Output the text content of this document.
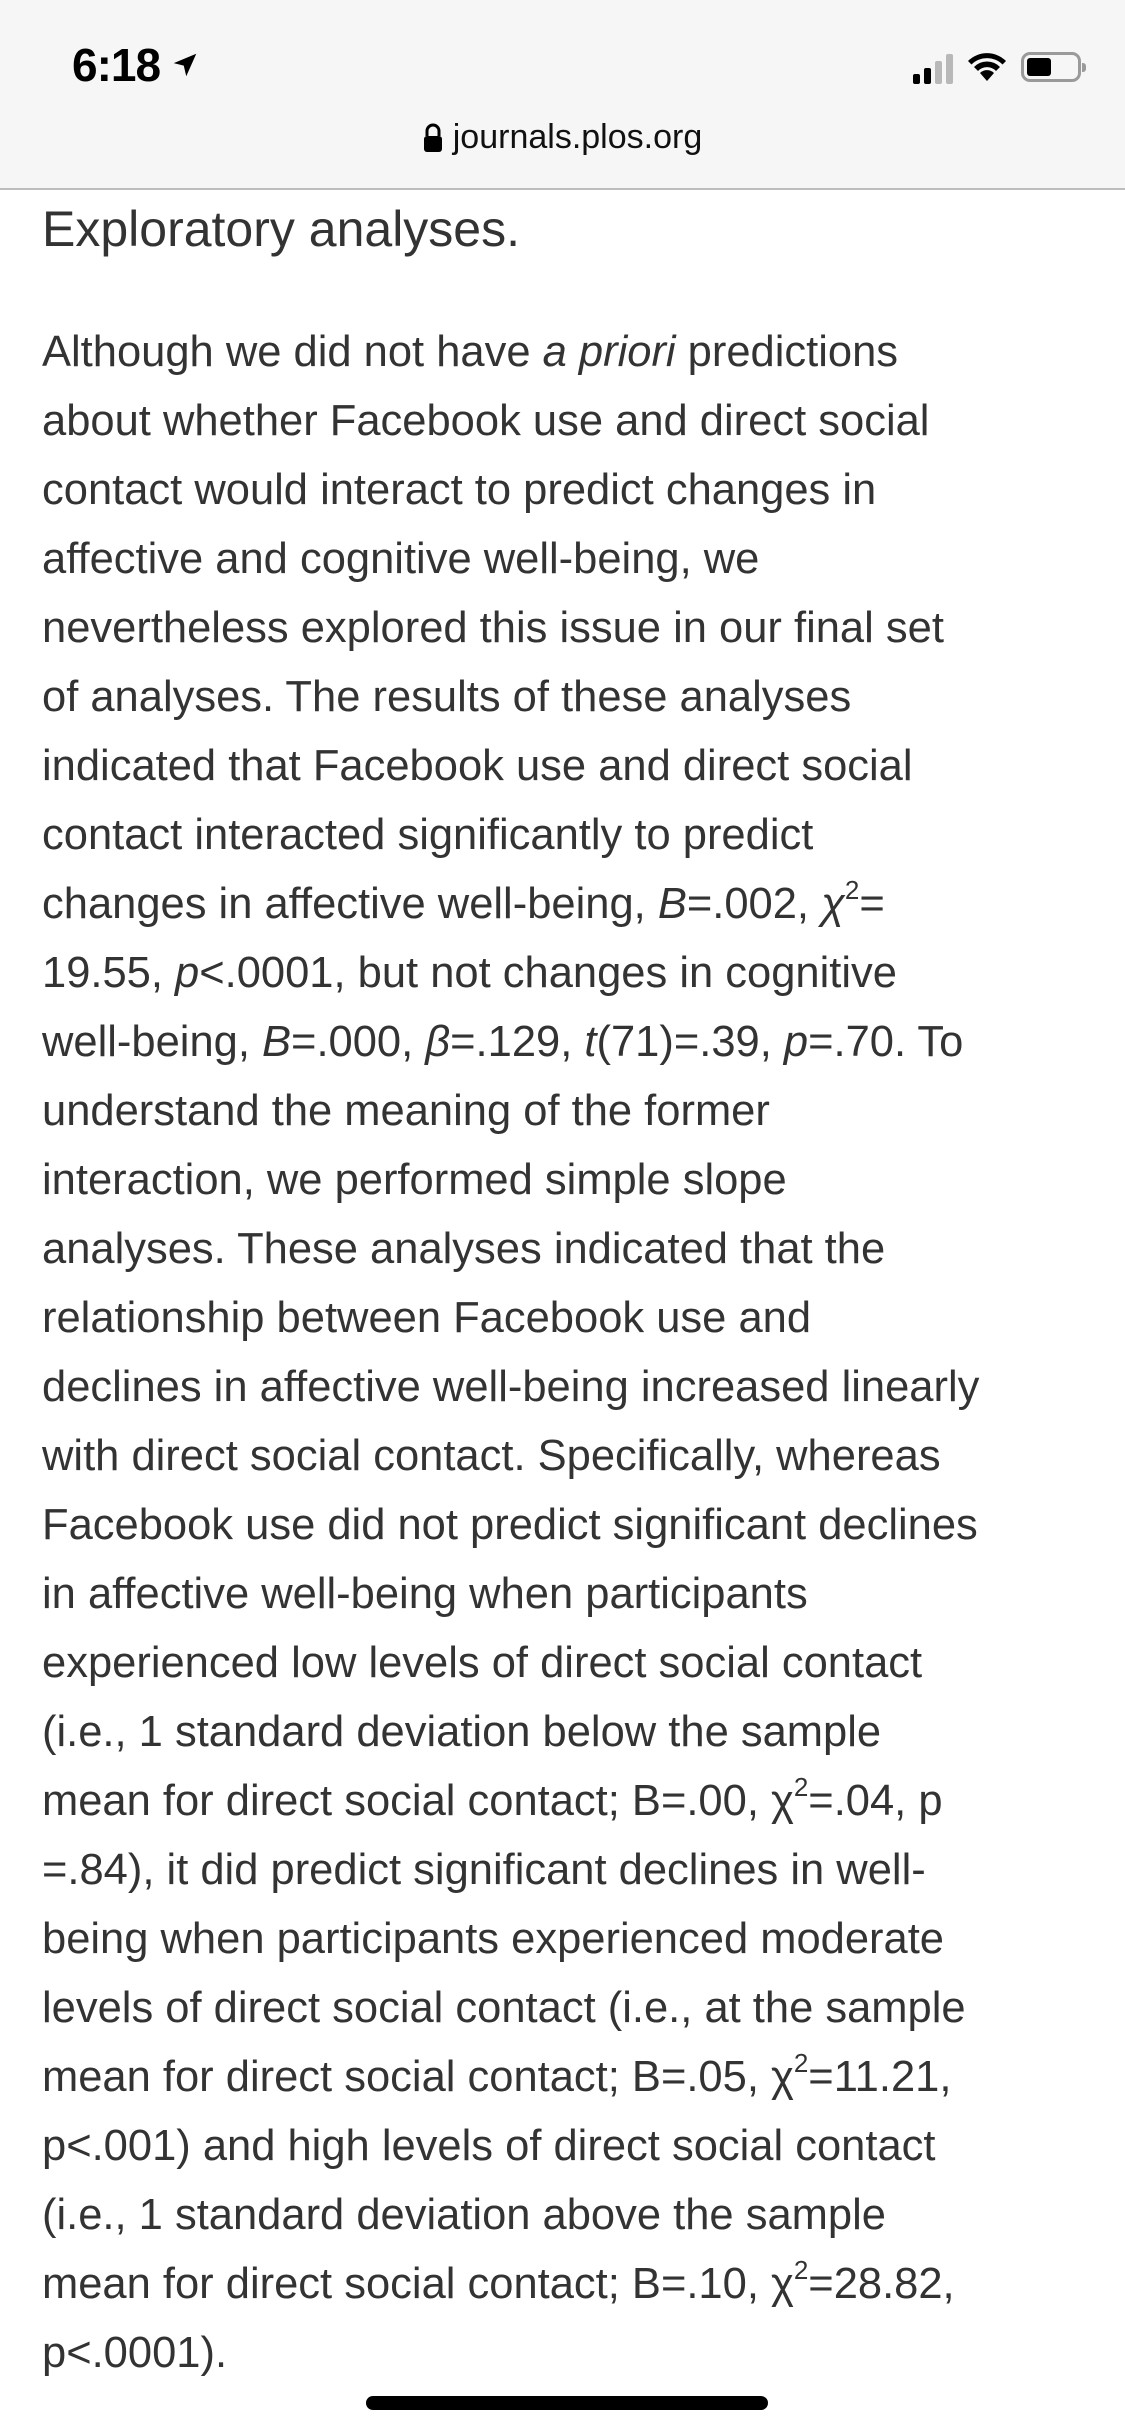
6:18
journals.plos.org
Exploratory analyses.
Although we did not have a priori predictions
about whether Facebook use and direct social
contact would interact to predict changes in
affective and cognitive well-being, we
nevertheless explored this issue in our final set
of analyses. The results of these analyses
indicated that Facebook use and direct social
contact interacted significantly to predict
changes in affective well-being, B=.002, $\chi^2=$
19.55, p<.0001, but not changes in cognitive
well-being, B=.000, β=.129, t(71)=.39, p=.70. To
understand the meaning of the former
interaction, we performed simple slope
analyses. These analyses indicated that the
relationship between Facebook use and
declines in affective well-being increased linearly
with direct social contact. Specifically, whereas
Facebook use did not predict significant declines
in affective well-being when participants
experienced low levels of direct social contact
(i.e., 1 standard deviation below the sample
mean for direct social contact; B=.00, $\chi^2=.04$, p
=.84), it did predict significant declines in well-
being when participants experienced moderate
levels of direct social contact (i.e., at the sample
mean for direct social contact; B=.05, $\chi^2=11.21$,
p<.001) and high levels of direct social contact
(i.e., 1 standard deviation above the sample
mean for direct social contact; B=.10, $\chi^2=28.82$,
p<.0001).
